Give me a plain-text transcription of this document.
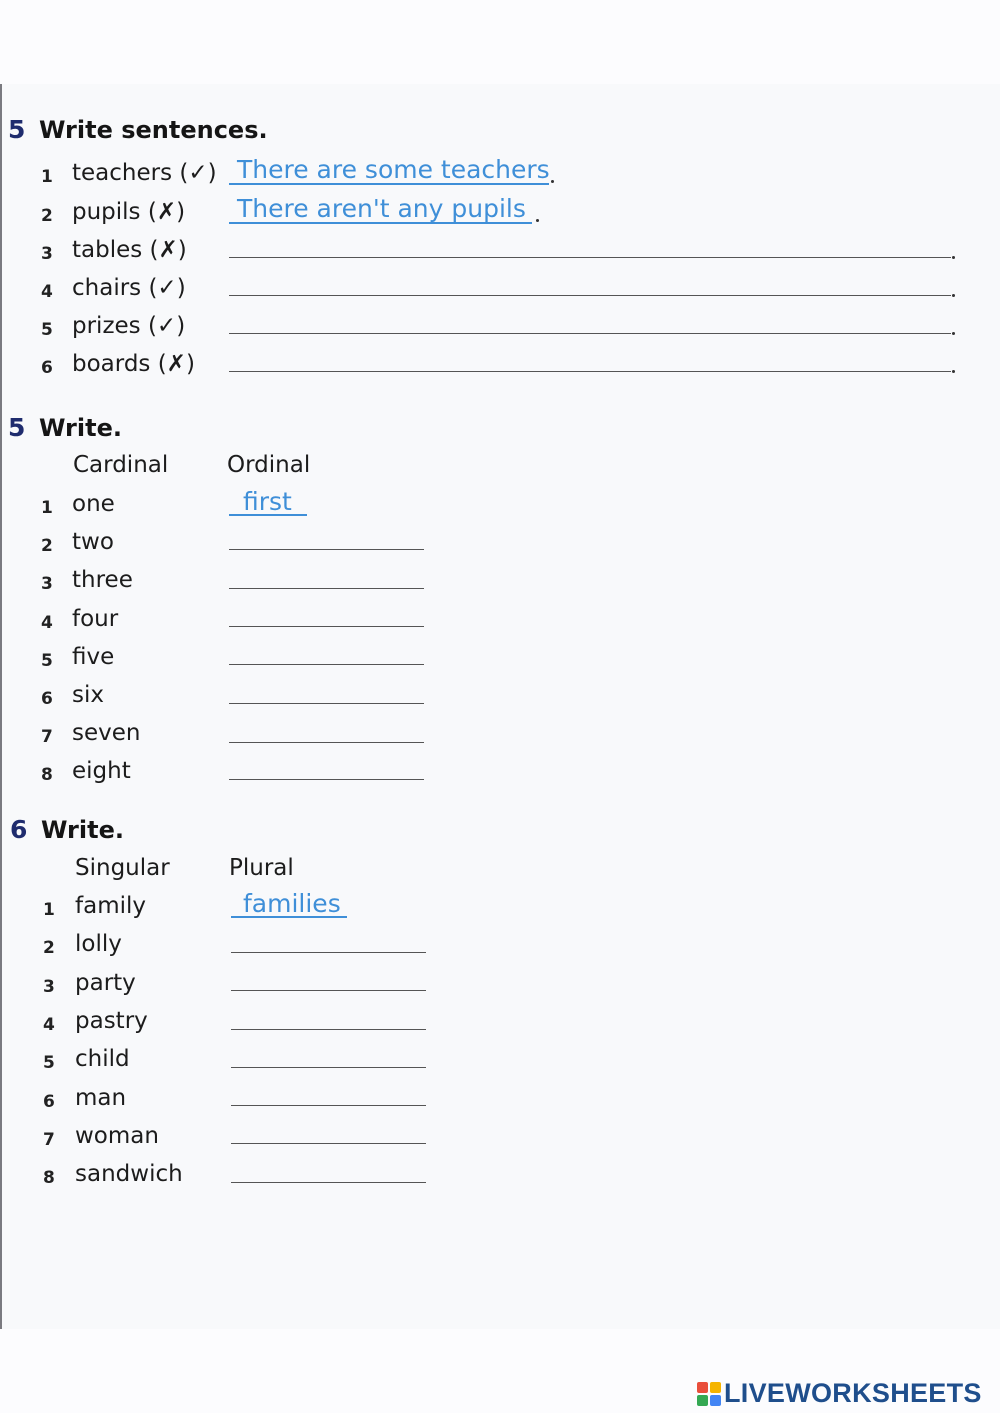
5 Write sentences.
1 teachers (✓) There are some teachers
2 pupils (✗) There aren't any pupils
3 tables (✗)
4 chairs (✓)
5 prizes (✓)
6 boards (✗)
5 Write.
Cardinal	Ordinal
1 one	first
2 two
3 three
4 four
5 five
6 six
7 seven
8 eight
6 Write.
Singular	Plural
1 family	families
2 lolly
3 party
4 pastry
5 child
6 man
7 woman
8 sandwich
LIVEWORKSHEETS
